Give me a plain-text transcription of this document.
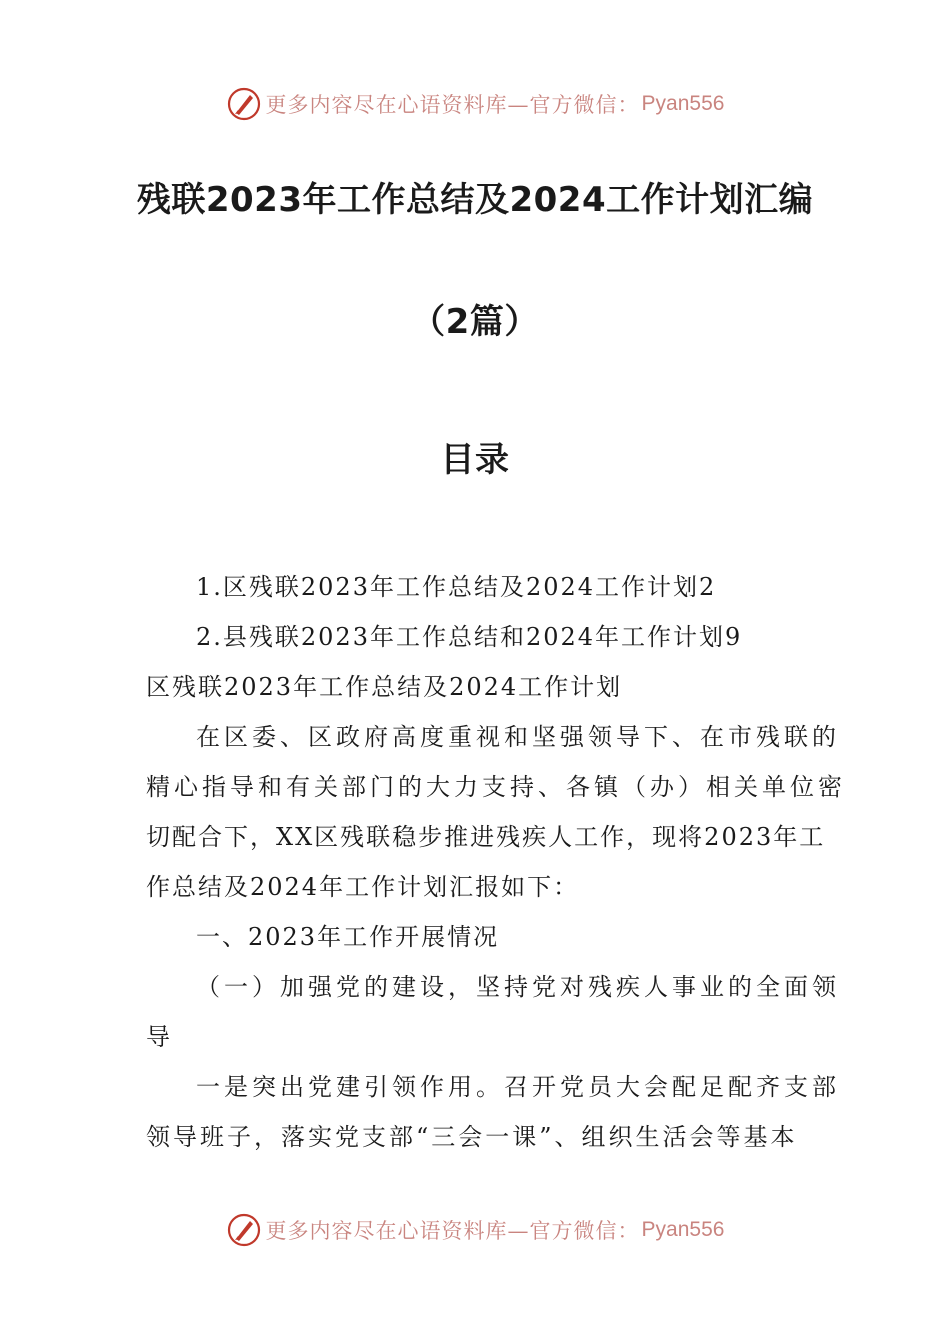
更多内容尽在心语资料库—官方微信： Pyan556
残联2023年工作总结及2024工作计划汇编
（2篇）
目录
1.区残联2023年工作总结及2024工作计划2
2.县残联2023年工作总结和2024年工作计划9
区残联2023年工作总结及2024工作计划
在区委、区政府高度重视和坚强领导下、在市残联的
精心指导和有关部门的大力支持、各镇（办）相关单位密
切配合下，XX区残联稳步推进残疾人工作，现将2023年工
作总结及2024年工作计划汇报如下：
一、2023年工作开展情况
（一）加强党的建设，坚持党对残疾人事业的全面领
导
一是突出党建引领作用。召开党员大会配足配齐支部
领导班子，落实党支部“三会一课”、组织生活会等基本
更多内容尽在心语资料库—官方微信： Pyan556
